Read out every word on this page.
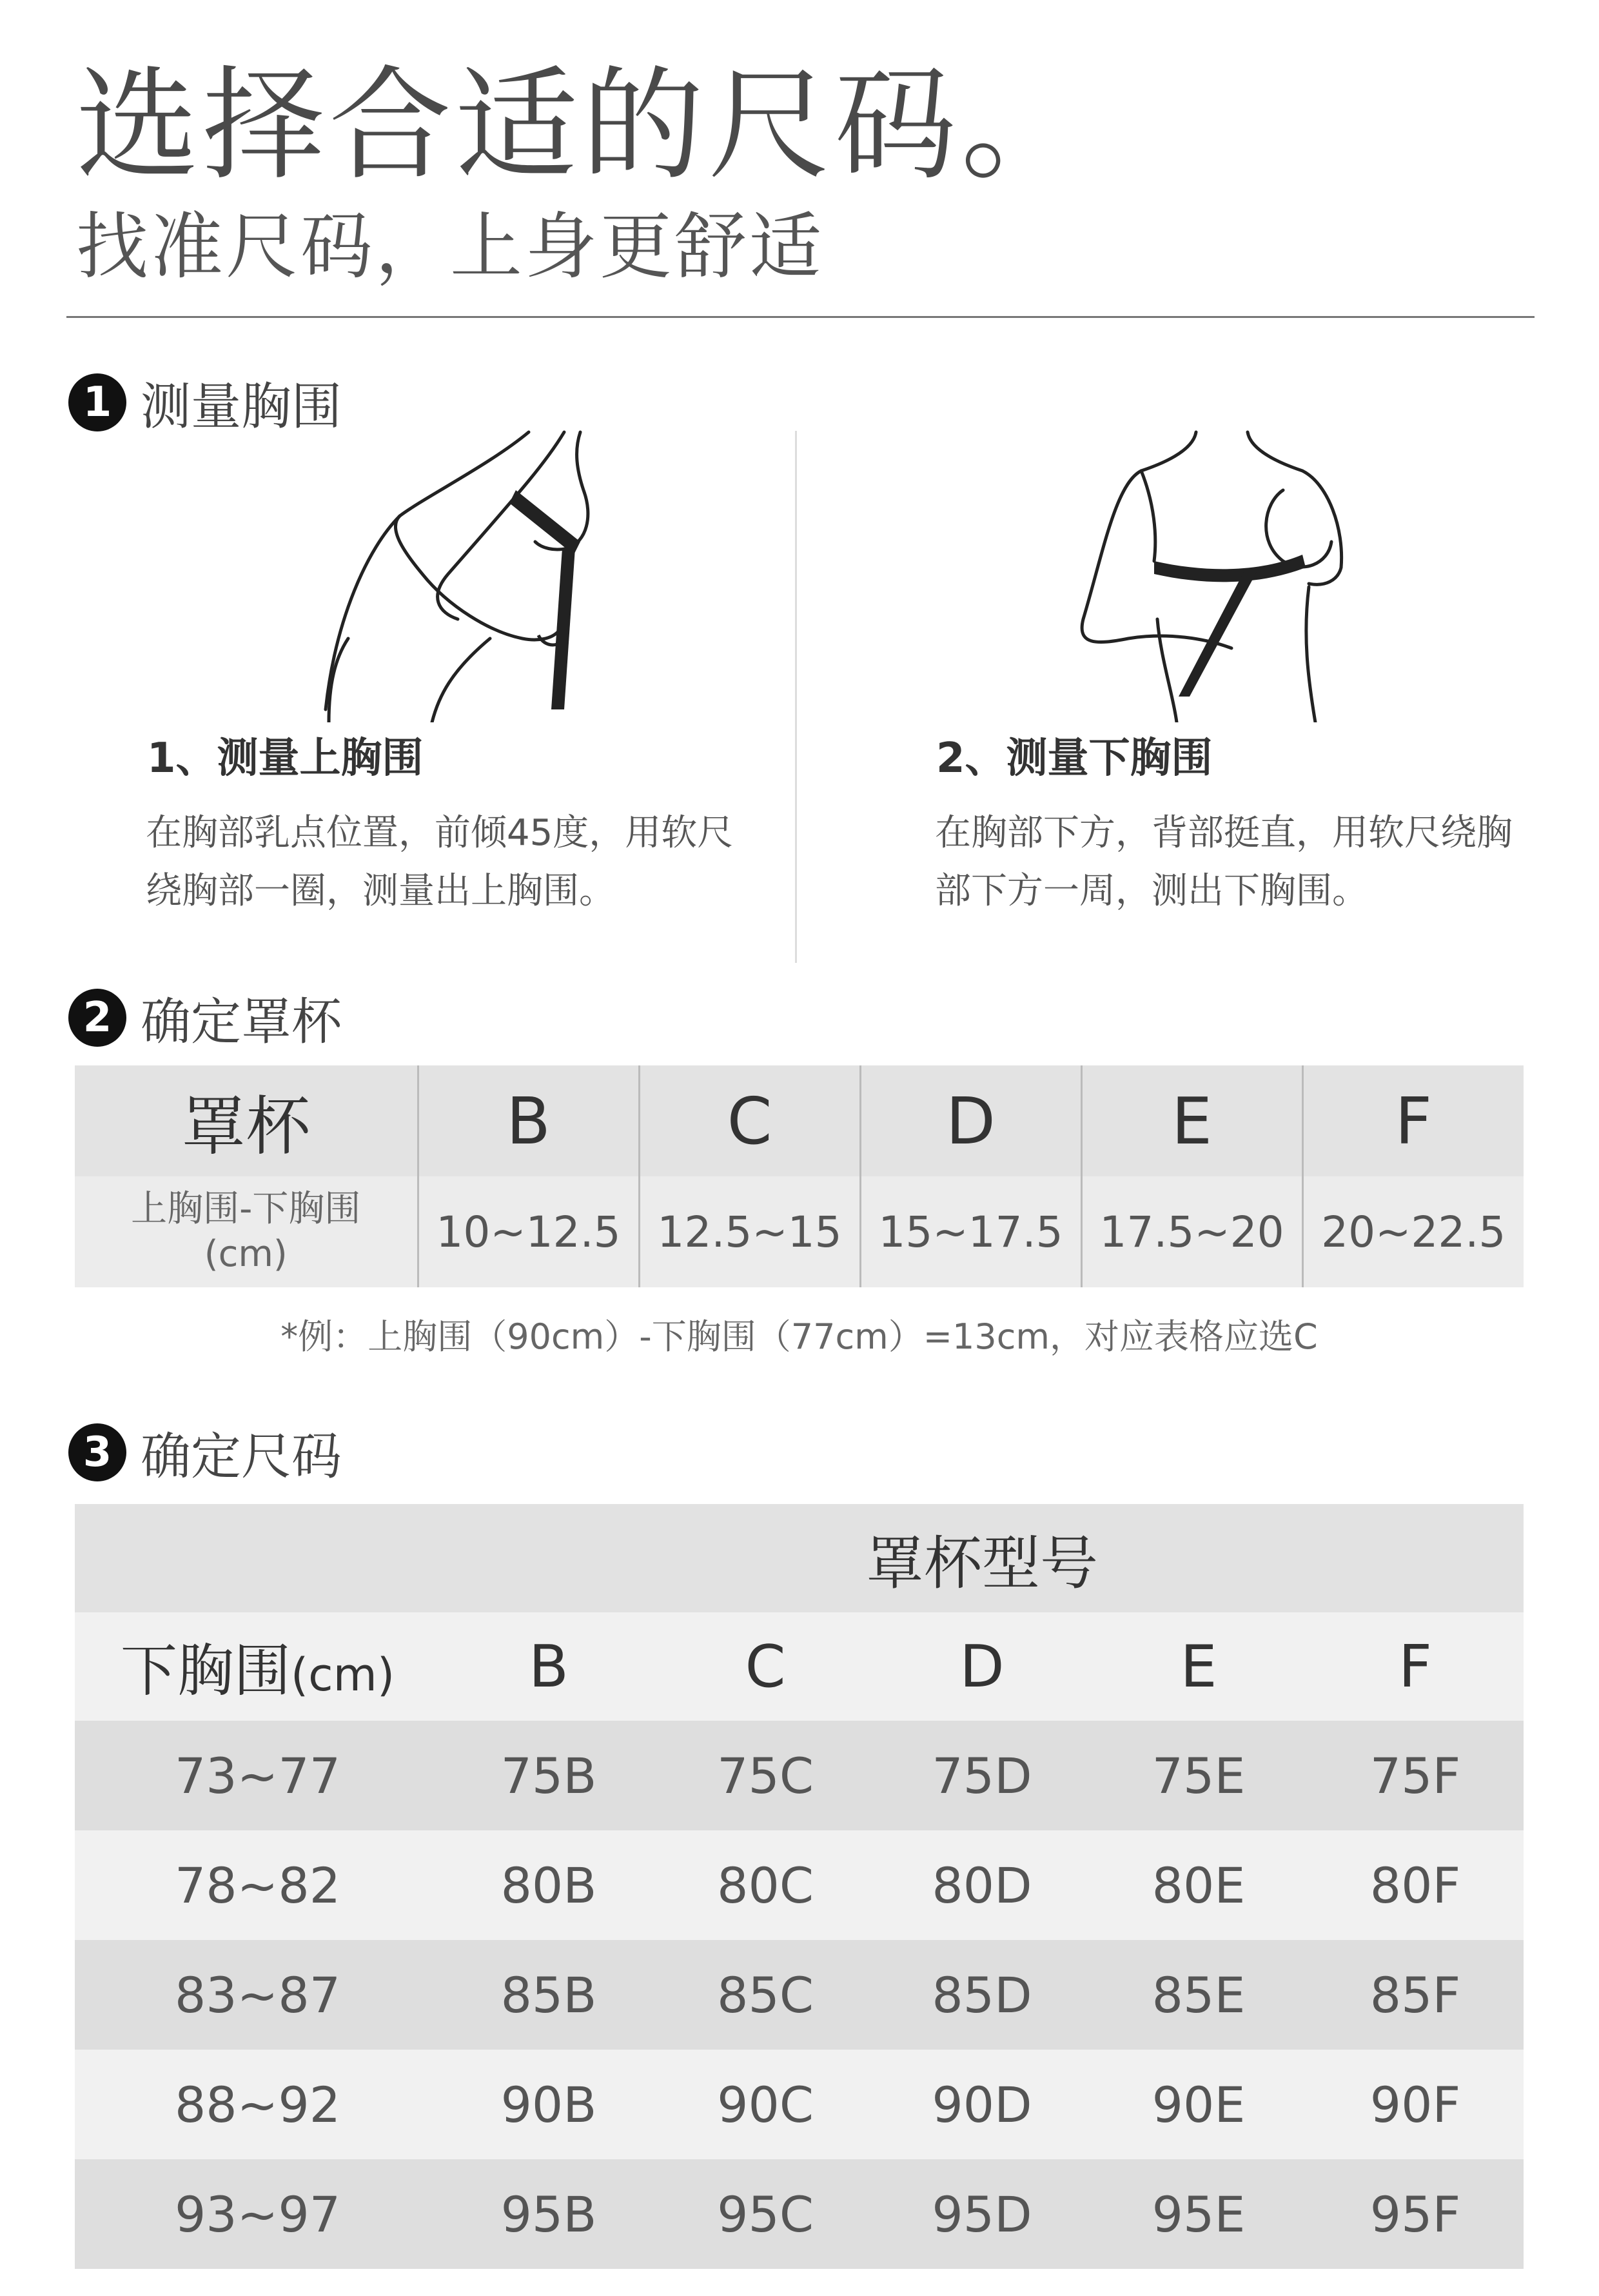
选择合适的尺码。
找准尺码，上身更舒适
1 测量胸围
1、测量上胸围
在胸部乳点位置，前倾45度，用软尺绕胸部一圈，测量出上胸围。
2、测量下胸围
在胸部下方，背部挺直，用软尺绕胸部下方一周，测出下胸围。
2 确定罩杯
罩杯	B	C	D	E	F

上胸围-下胸围
(cm)	10~12.5	12.5~15	15~17.5	17.5~20	20~22.5
*例：上胸围（90cm）-下胸围（77cm）=13cm，对应表格应选C
3 确定尺码
	罩杯型号				
下胸围(cm)	B	C	D	E	F
73~77	75B	75C	75D	75E	75F
78~82	80B	80C	80D	80E	80F
83~87	85B	85C	85D	85E	85F
88~92	90B	90C	90D	90E	90F
93~97	95B	95C	95D	95E	95F
